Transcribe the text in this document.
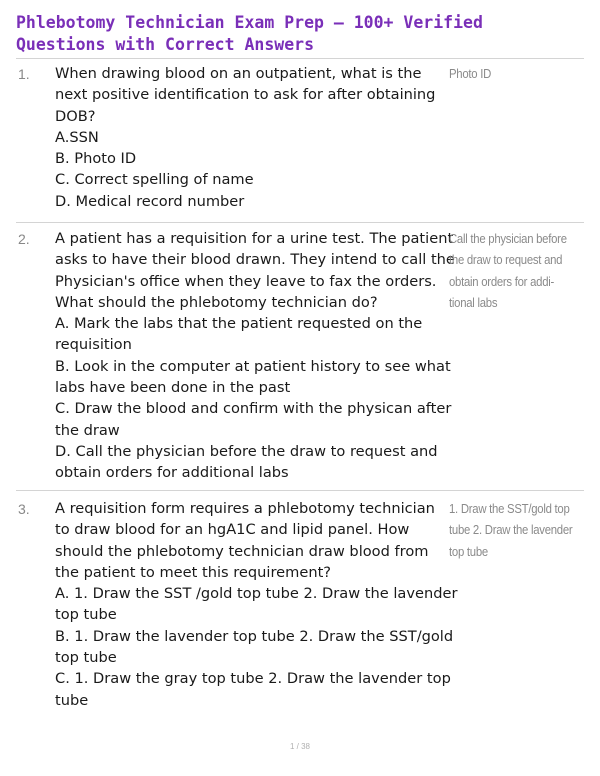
Phlebotomy Technician Exam Prep – 100+ Verified
Questions with Correct Answers
1. When drawing blood on an outpatient, what is the
next positive identification to ask for after obtaining
DOB?
A.SSN
B. Photo ID
C. Correct spelling of name
D. Medical record number
Photo ID
2. A patient has a requisition for a urine test. The patient
asks to have their blood drawn. They intend to call the
Physician's office when they leave to fax the orders.
What should the phlebotomy technician do?
A. Mark the labs that the patient requested on the
requisition
B. Look in the computer at patient history to see what
labs have been done in the past
C. Draw the blood and confirm with the physican after
the draw
D. Call the physician before the draw to request and
obtain orders for additional labs
Call the physician before
the draw to request and
obtain orders for addi-
tional labs
3. A requisition form requires a phlebotomy technician
to draw blood for an hgA1C and lipid panel. How
should the phlebotomy technician draw blood from
the patient to meet this requirement?
A. 1. Draw the SST /gold top tube 2. Draw the lavender
top tube
B. 1. Draw the lavender top tube 2. Draw the SST/gold
top tube
C. 1. Draw the gray top tube 2. Draw the lavender top
tube
1. Draw the SST/gold top
tube 2. Draw the lavender
top tube
1 / 38
